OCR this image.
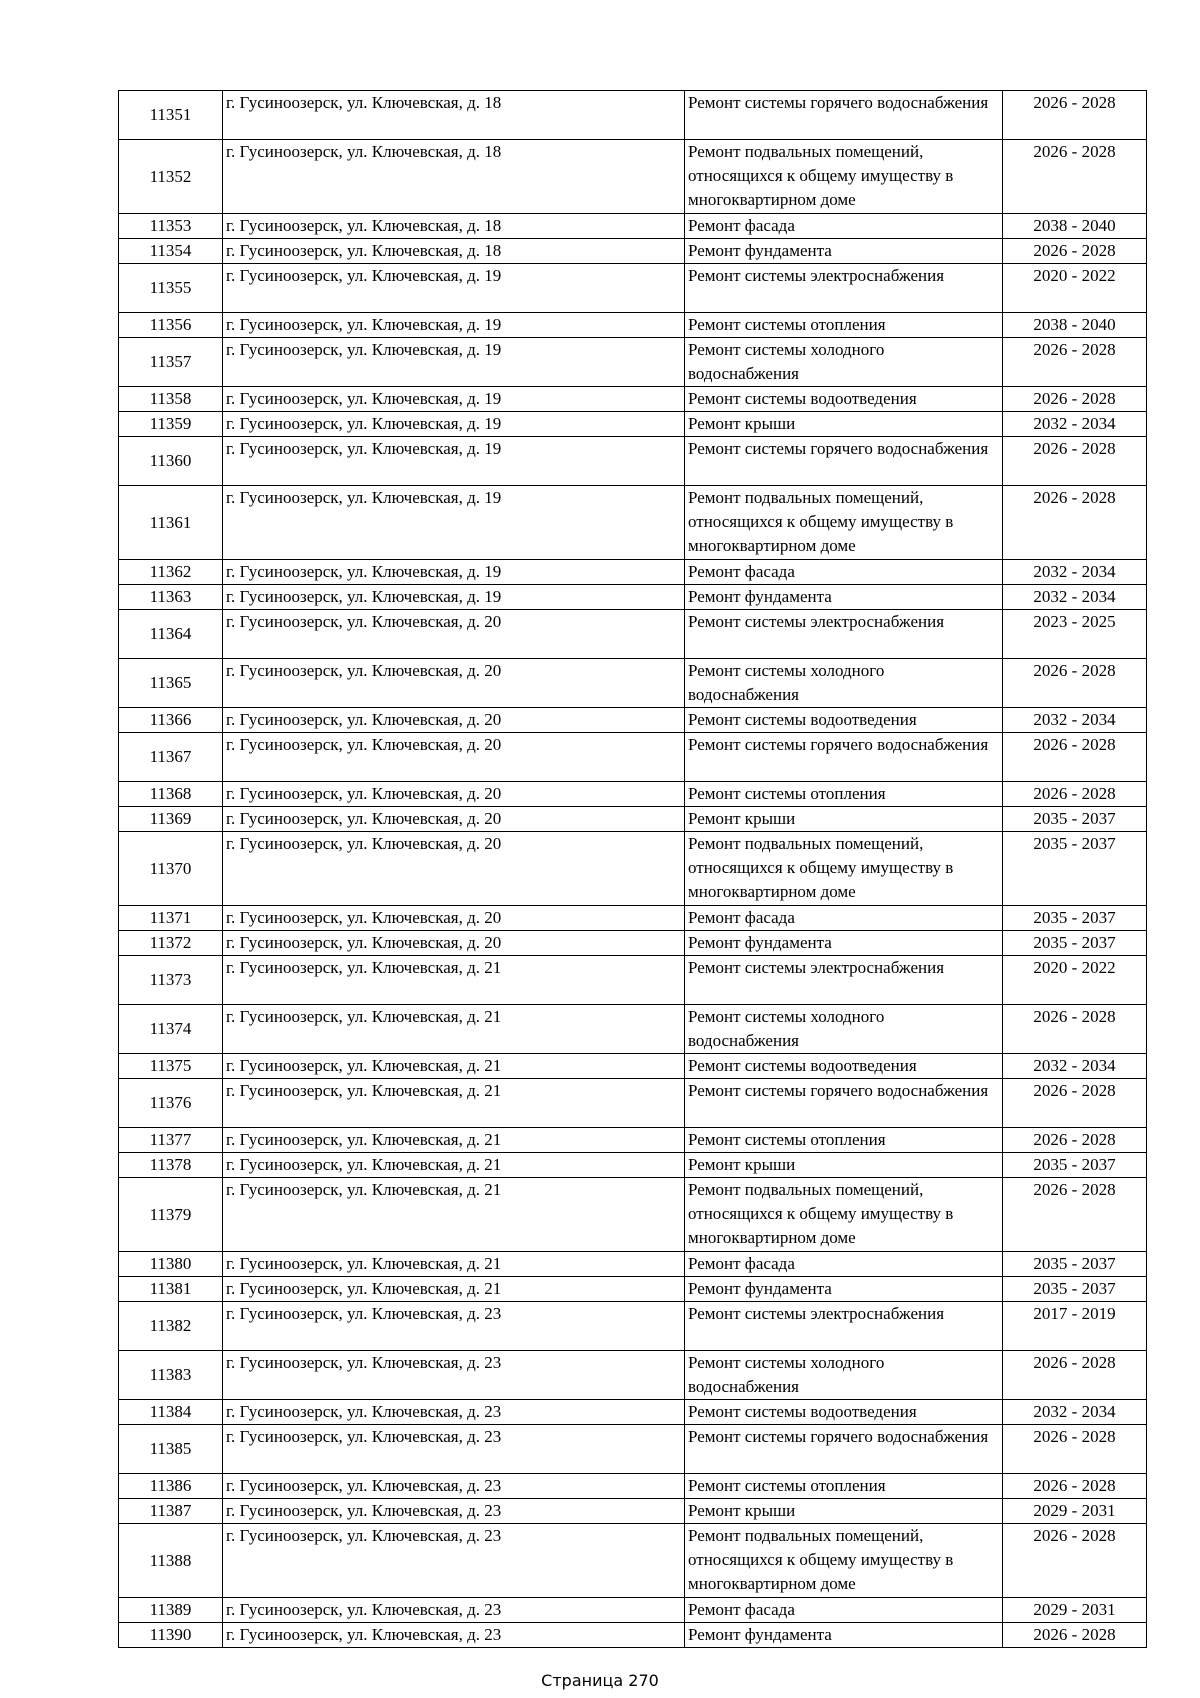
11351	г. Гусиноозерск, ул. Ключевская, д. 18	Ремонт системы горячего водоснабжения	2026 - 2028
11352	г. Гусиноозерск, ул. Ключевская, д. 18	Ремонт подвальных помещений, относящихся к общему имуществу в многоквартирном доме	2026 - 2028
11353	г. Гусиноозерск, ул. Ключевская, д. 18	Ремонт фасада	2038 - 2040
11354	г. Гусиноозерск, ул. Ключевская, д. 18	Ремонт фундамента	2026 - 2028
11355	г. Гусиноозерск, ул. Ключевская, д. 19	Ремонт системы электроснабжения	2020 - 2022
11356	г. Гусиноозерск, ул. Ключевская, д. 19	Ремонт системы отопления	2038 - 2040
11357	г. Гусиноозерск, ул. Ключевская, д. 19	Ремонт системы холодного водоснабжения	2026 - 2028
11358	г. Гусиноозерск, ул. Ключевская, д. 19	Ремонт системы водоотведения	2026 - 2028
11359	г. Гусиноозерск, ул. Ключевская, д. 19	Ремонт крыши	2032 - 2034
11360	г. Гусиноозерск, ул. Ключевская, д. 19	Ремонт системы горячего водоснабжения	2026 - 2028
11361	г. Гусиноозерск, ул. Ключевская, д. 19	Ремонт подвальных помещений, относящихся к общему имуществу в многоквартирном доме	2026 - 2028
11362	г. Гусиноозерск, ул. Ключевская, д. 19	Ремонт фасада	2032 - 2034
11363	г. Гусиноозерск, ул. Ключевская, д. 19	Ремонт фундамента	2032 - 2034
11364	г. Гусиноозерск, ул. Ключевская, д. 20	Ремонт системы электроснабжения	2023 - 2025
11365	г. Гусиноозерск, ул. Ключевская, д. 20	Ремонт системы холодного водоснабжения	2026 - 2028
11366	г. Гусиноозерск, ул. Ключевская, д. 20	Ремонт системы водоотведения	2032 - 2034
11367	г. Гусиноозерск, ул. Ключевская, д. 20	Ремонт системы горячего водоснабжения	2026 - 2028
11368	г. Гусиноозерск, ул. Ключевская, д. 20	Ремонт системы отопления	2026 - 2028
11369	г. Гусиноозерск, ул. Ключевская, д. 20	Ремонт крыши	2035 - 2037
11370	г. Гусиноозерск, ул. Ключевская, д. 20	Ремонт подвальных помещений, относящихся к общему имуществу в многоквартирном доме	2035 - 2037
11371	г. Гусиноозерск, ул. Ключевская, д. 20	Ремонт фасада	2035 - 2037
11372	г. Гусиноозерск, ул. Ключевская, д. 20	Ремонт фундамента	2035 - 2037
11373	г. Гусиноозерск, ул. Ключевская, д. 21	Ремонт системы электроснабжения	2020 - 2022
11374	г. Гусиноозерск, ул. Ключевская, д. 21	Ремонт системы холодного водоснабжения	2026 - 2028
11375	г. Гусиноозерск, ул. Ключевская, д. 21	Ремонт системы водоотведения	2032 - 2034
11376	г. Гусиноозерск, ул. Ключевская, д. 21	Ремонт системы горячего водоснабжения	2026 - 2028
11377	г. Гусиноозерск, ул. Ключевская, д. 21	Ремонт системы отопления	2026 - 2028
11378	г. Гусиноозерск, ул. Ключевская, д. 21	Ремонт крыши	2035 - 2037
11379	г. Гусиноозерск, ул. Ключевская, д. 21	Ремонт подвальных помещений, относящихся к общему имуществу в многоквартирном доме	2026 - 2028
11380	г. Гусиноозерск, ул. Ключевская, д. 21	Ремонт фасада	2035 - 2037
11381	г. Гусиноозерск, ул. Ключевская, д. 21	Ремонт фундамента	2035 - 2037
11382	г. Гусиноозерск, ул. Ключевская, д. 23	Ремонт системы электроснабжения	2017 - 2019
11383	г. Гусиноозерск, ул. Ключевская, д. 23	Ремонт системы холодного водоснабжения	2026 - 2028
11384	г. Гусиноозерск, ул. Ключевская, д. 23	Ремонт системы водоотведения	2032 - 2034
11385	г. Гусиноозерск, ул. Ключевская, д. 23	Ремонт системы горячего водоснабжения	2026 - 2028
11386	г. Гусиноозерск, ул. Ключевская, д. 23	Ремонт системы отопления	2026 - 2028
11387	г. Гусиноозерск, ул. Ключевская, д. 23	Ремонт крыши	2029 - 2031
11388	г. Гусиноозерск, ул. Ключевская, д. 23	Ремонт подвальных помещений, относящихся к общему имуществу в многоквартирном доме	2026 - 2028
11389	г. Гусиноозерск, ул. Ключевская, д. 23	Ремонт фасада	2029 - 2031
11390	г. Гусиноозерск, ул. Ключевская, д. 23	Ремонт фундамента	2026 - 2028
Страница 270
